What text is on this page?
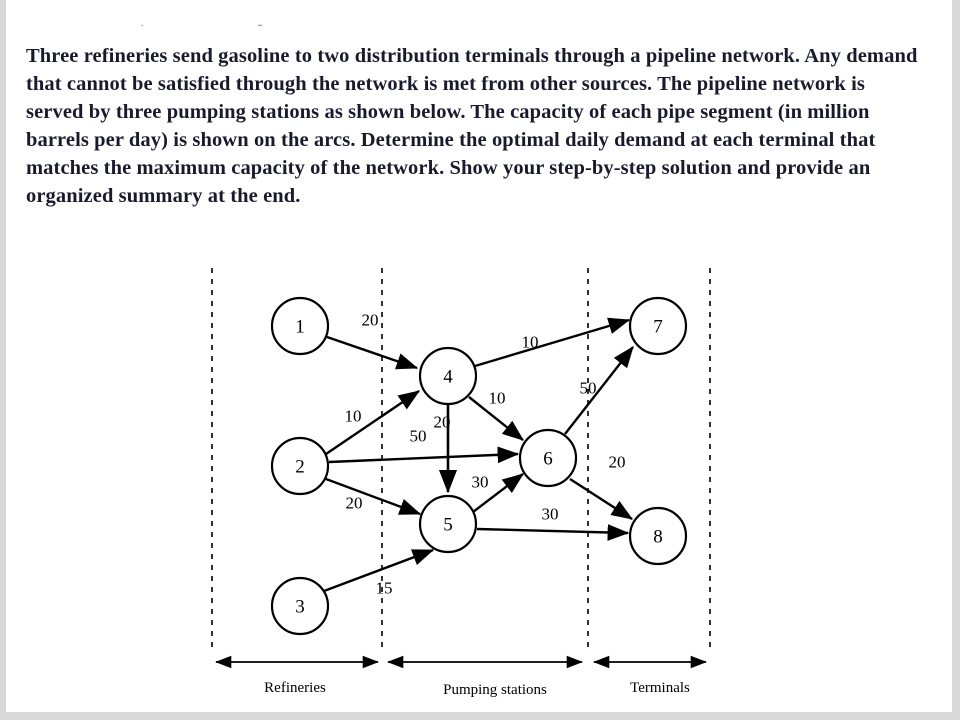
˙	˘
Three refineries send gasoline to two distribution terminals through a pipeline network. Any demand that cannot be satisfied through the network is met from other sources. The pipeline network is served by three pumping stations as shown below. The capacity of each pipe segment (in million barrels per day) is shown on the arcs. Determine the optimal daily demand at each terminal that matches the maximum capacity of the network. Show your step-by-step solution and provide an organized summary at the end.
1
2
3
4
5
6
7
8
20
10	20
20
15
10
10
50
30
30
50
20
Refineries	Pumping stations	Terminals
